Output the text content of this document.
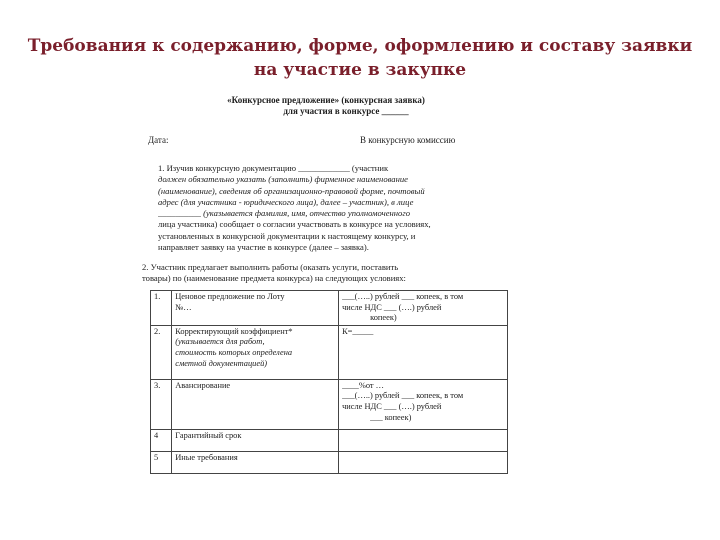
Требования к содержанию, форме, оформлению и составу заявки на участие в закупке
«Конкурсное предложение» (конкурсная заявка)

для участия в конкурсе ______
Дата:	В конкурсную комиссию
1. Изучив конкурсную документацию ____________ (участник
должен обязательно указать (заполнить) фирменное наименование
(наименование), сведения об организационно-правовой форме, почтовый
адрес (для участника - юридического лица), далее – участник), в лице
__________ (указывается фамилия, имя, отчество уполномоченного
лица участника) сообщает о согласии участвовать в конкурсе на условиях,
установленных в конкурсной документации к настоящему конкурсу, и
направляет заявку на участие в конкурсе (далее – заявка).
2. Участник предлагает выполнить работы (оказать услуги, поставить
товары) по (наименование предмета конкурса) на следующих условиях:
1.	Ценовое предложение по Лоту
№…	___(…..) рублей ___ копеек, в том
числе НДС ___ (….) рублей
копеек)

2.	Корректирующий коэффициент*
(указывается для работ,
стоимость которых определена
сметной документацией)	К=_____

3.	Авансирование	____%от …
___(…..) рублей ___ копеек, в том
числе НДС ___ (….) рублей
___ копеек)

4	Гарантийный срок	

5	Иные требования	
